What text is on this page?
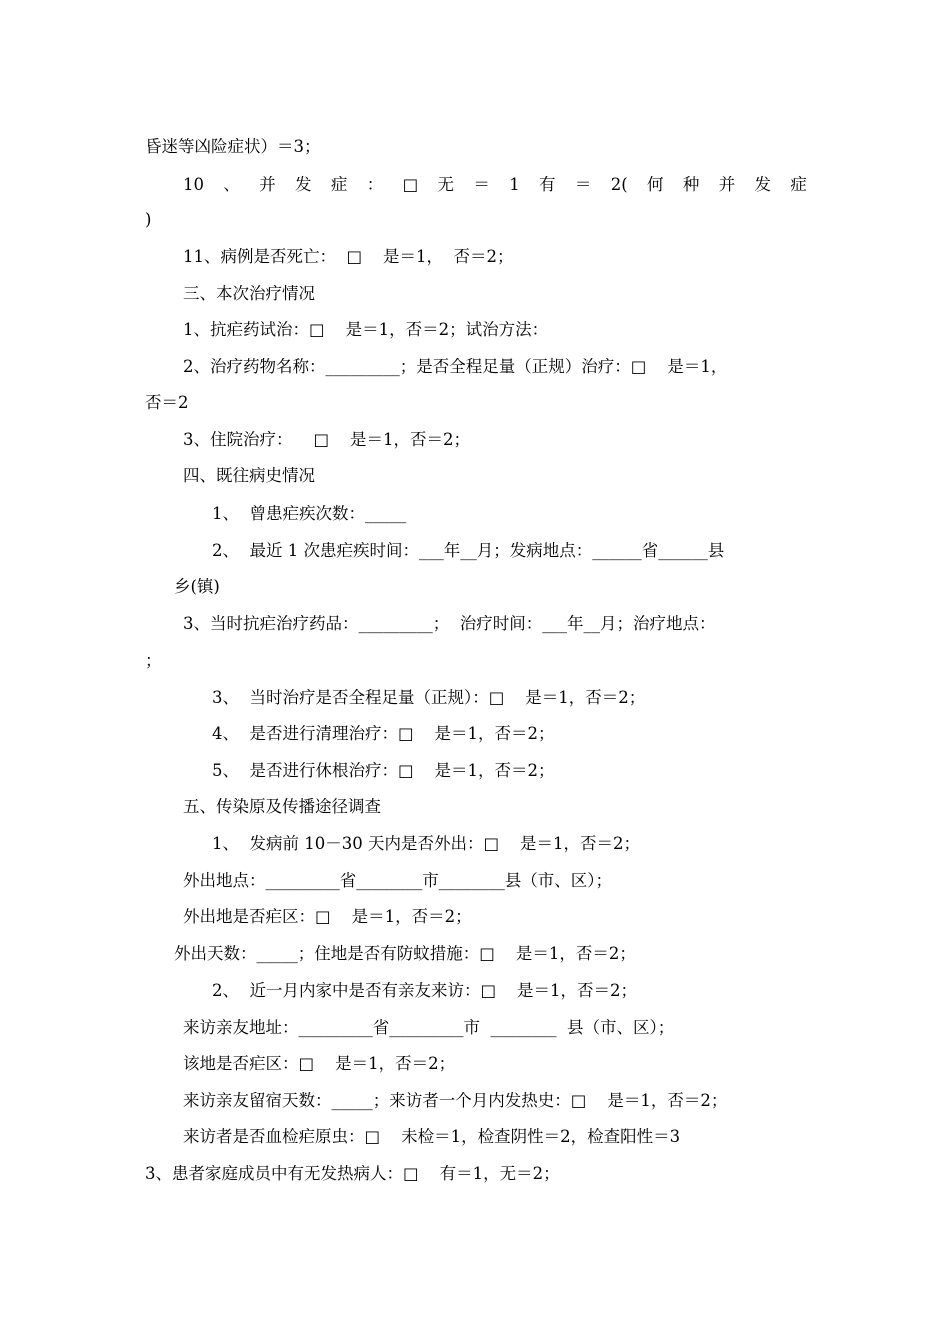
昏迷等凶险症状）＝3；
10 、 并 发 症 ： □ 无 ＝ 1 有 ＝ 2( 何 种 并 发 症
)
11、病例是否死亡：  □    是＝1，  否＝2；
三、本次治疗情况
1、抗疟药试治：□    是＝1，否＝2；试治方法：
2、治疗药物名称：_________；是否全程足量（正规）治疗：□    是＝1，
否＝2
3、住院治疗：    □    是＝1，否＝2；
四、既往病史情况
1、  曾患疟疾次数：_____
2、  最近 1 次患疟疾时间：___年__月；发病地点：______省______县
乡(镇)
3、当时抗疟治疗药品：_________；  治疗时间：___年__月；治疗地点：
；
3、  当时治疗是否全程足量（正规）：□    是＝1，否＝2；
4、  是否进行清理治疗：□    是＝1，否＝2；
5、  是否进行休根治疗：□    是＝1，否＝2；
五、传染原及传播途径调查
1、  发病前 10－30 天内是否外出：□    是＝1，否＝2；
外出地点：_________省________市________县（市、区）；
外出地是否疟区：□    是＝1，否＝2；
外出天数：_____；住地是否有防蚊措施：□    是＝1，否＝2；
2、  近一月内家中是否有亲友来访：□    是＝1，否＝2；
来访亲友地址：_________省_________市  ________  县（市、区）；
该地是否疟区：□    是＝1，否＝2；
来访亲友留宿天数：_____；来访者一个月内发热史：□    是＝1，否＝2；
来访者是否血检疟原虫：□    未检＝1，检查阴性＝2，检查阳性＝3
3、患者家庭成员中有无发热病人：□    有＝1，无＝2；
